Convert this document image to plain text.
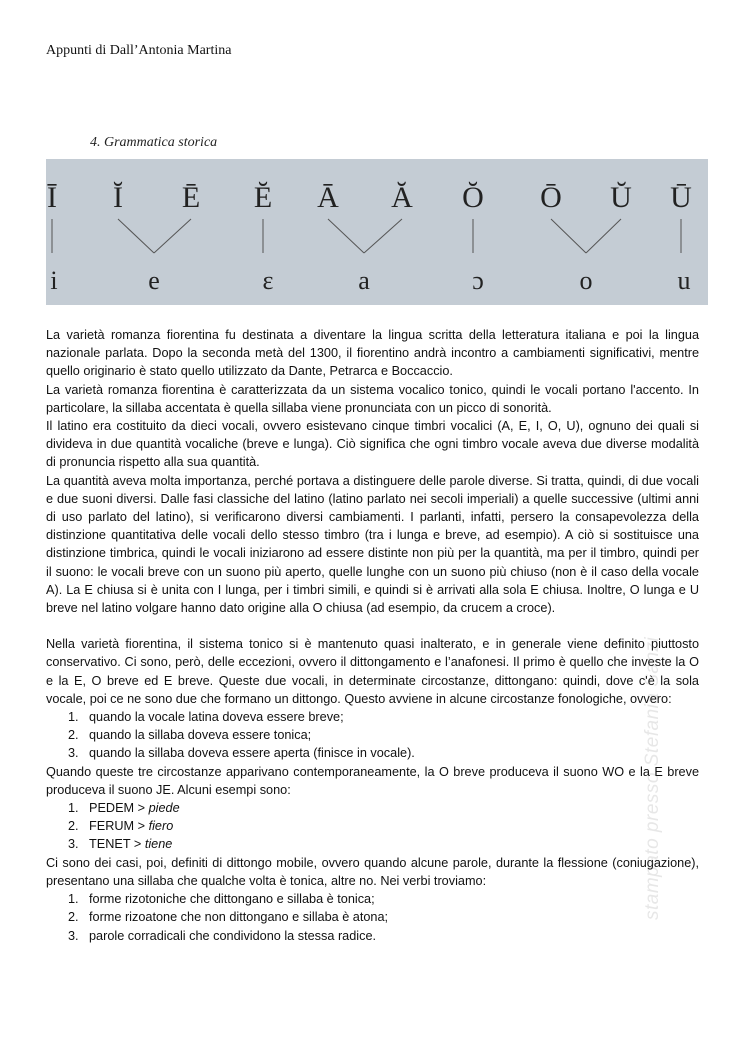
Appunti di Dall’Antonia Martina
4. Grammatica storica
Ī Ĭ Ē Ĕ Ā Ă Ŏ Ō Ŭ Ū
i	e	ɛ	a	ɔ	o	u

La varietà romanza fiorentina fu destinata a diventare la lingua scritta della letteratura italiana e poi la lingua nazionale parlata. Dopo la seconda metà del 1300, il fiorentino andrà incontro a cambiamenti significativi, mentre quello originario è stato quello utilizzato da Dante, Petrarca e Boccaccio.

La varietà romanza fiorentina è caratterizzata da un sistema vocalico tonico, quindi le vocali portano l'accento. In particolare, la sillaba accentata è quella sillaba viene pronunciata con un picco di sonorità.

Il latino era costituito da dieci vocali, ovvero esistevano cinque timbri vocalici (A, E, I, O, U), ognuno dei quali si divideva in due quantità vocaliche (breve e lunga). Ciò significa che ogni timbro vocale aveva due diverse modalità di pronuncia rispetto alla sua quantità.

La quantità aveva molta importanza, perché portava a distinguere delle parole diverse. Si tratta, quindi, di due vocali e due suoni diversi. Dalle fasi classiche del latino (latino parlato nei secoli imperiali) a quelle successive (ultimi anni di uso parlato del latino), si verificarono diversi cambiamenti. I parlanti, infatti, persero la consapevolezza della distinzione quantitativa delle vocali dello stesso timbro (tra i lunga e breve, ad esempio). A ciò si sostituisce una distinzione timbrica, quindi le vocali iniziarono ad essere distinte non più per la quantità, ma per il timbro, quindi per il suono: le vocali breve con un suono più aperto, quelle lunghe con un suono più chiuso (non è il caso della vocale A). La E chiusa si è unita con I lunga, per i timbri simili, e quindi si è arrivati alla sola E chiusa. Inoltre, O lunga e U breve nel latino volgare hanno dato origine alla O chiusa (ad esempio, da crucem a croce).

Nella varietà fiorentina, il sistema tonico si è mantenuto quasi inalterato, e in generale viene definito piuttosto conservativo. Ci sono, però, delle eccezioni, ovvero il dittongamento e l’anafonesi. Il primo è quello che investe la O e la E, O breve ed E breve. Queste due vocali, in determinate circostanze, dittongano: quindi, dove c'è la sola vocale, poi ce ne sono due che formano un dittongo. Questo avviene in alcune circostanze fonologiche, ovvero:

1. quando la vocale latina doveva essere breve;
2. quando la sillaba doveva essere tonica;
3. quando la sillaba doveva essere aperta (finisce in vocale).

Quando queste tre circostanze apparivano contemporaneamente, la O breve produceva il suono WO e la E breve produceva il suono JE. Alcuni esempi sono:

1. PEDEM > piede
2. FERUM > fiero
3. TENET > tiene

Ci sono dei casi, poi, definiti di dittongo mobile, ovvero quando alcune parole, durante la flessione (coniugazione), presentano una sillaba che qualche volta è tonica, altre no. Nei verbi troviamo:

1. forme rizotoniche che dittongano e sillaba è tonica;
2. forme rizoatone che non dittongano e sillaba è atona;
3. parole corradicali che condividono la stessa radice.
stampato presso Stefania Sanzi
